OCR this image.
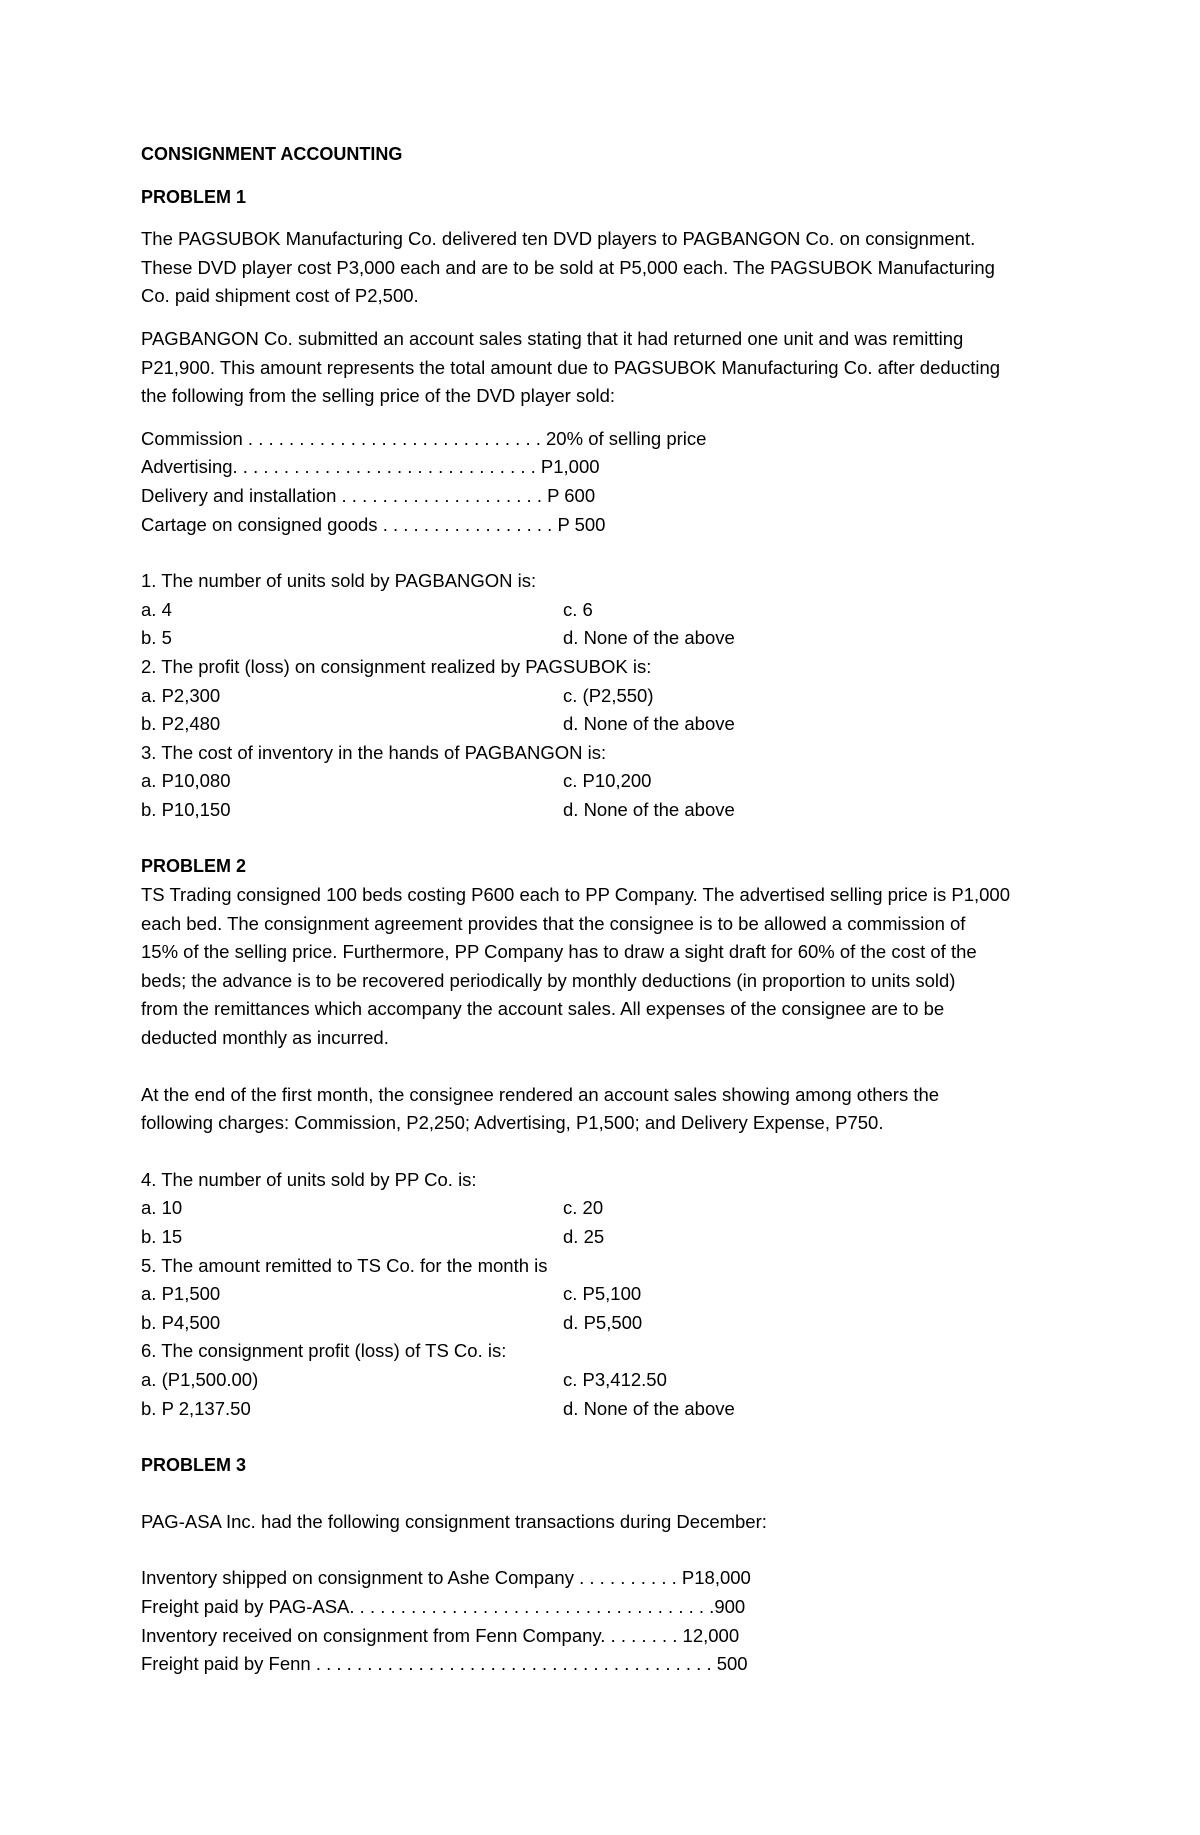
CONSIGNMENT ACCOUNTING
PROBLEM 1
The PAGSUBOK Manufacturing Co. delivered ten DVD players to PAGBANGON Co. on consignment.
These DVD player cost P3,000 each and are to be sold at P5,000 each. The PAGSUBOK Manufacturing
Co. paid shipment cost of P2,500.
PAGBANGON Co. submitted an account sales stating that it had returned one unit and was remitting
P21,900. This amount represents the total amount due to PAGSUBOK Manufacturing Co. after deducting
the following from the selling price of the DVD player sold:
Commission . . . . . . . . . . . . . . . . . . . . . . . . . . . . . 20% of selling price
Advertising. . . . . . . . . . . . . . . . . . . . . . . . . . . . . . P1,000
Delivery and installation . . . . . . . . . . . . . . . . . . . . P 600
Cartage on consigned goods . . . . . . . . . . . . . . . . . P 500
1. The number of units sold by PAGBANGON is:
a. 4	c. 6
b. 5	d. None of the above
2. The profit (loss) on consignment realized by PAGSUBOK is:
a. P2,300	c. (P2,550)
b. P2,480	d. None of the above
3. The cost of inventory in the hands of PAGBANGON is:
a. P10,080	c. P10,200
b. P10,150	d. None of the above
PROBLEM 2
TS Trading consigned 100 beds costing P600 each to PP Company. The advertised selling price is P1,000
each bed. The consignment agreement provides that the consignee is to be allowed a commission of
15% of the selling price. Furthermore, PP Company has to draw a sight draft for 60% of the cost of the
beds; the advance is to be recovered periodically by monthly deductions (in proportion to units sold)
from the remittances which accompany the account sales. All expenses of the consignee are to be
deducted monthly as incurred.
At the end of the first month, the consignee rendered an account sales showing among others the
following charges: Commission, P2,250; Advertising, P1,500; and Delivery Expense, P750.
4. The number of units sold by PP Co. is:
a. 10	c. 20
b. 15	d. 25
5. The amount remitted to TS Co. for the month is
a. P1,500	c. P5,100
b. P4,500	d. P5,500
6. The consignment profit (loss) of TS Co. is:
a. (P1,500.00)	c. P3,412.50
b. P 2,137.50	d. None of the above
PROBLEM 3
PAG-ASA Inc. had the following consignment transactions during December:
Inventory shipped on consignment to Ashe Company . . . . . . . . . . P18,000
Freight paid by PAG-ASA. . . . . . . . . . . . . . . . . . . . . . . . . . . . . . . . . . . .900
Inventory received on consignment from Fenn Company. . . . . . . . 12,000
Freight paid by Fenn . . . . . . . . . . . . . . . . . . . . . . . . . . . . . . . . . . . . . . . 500
